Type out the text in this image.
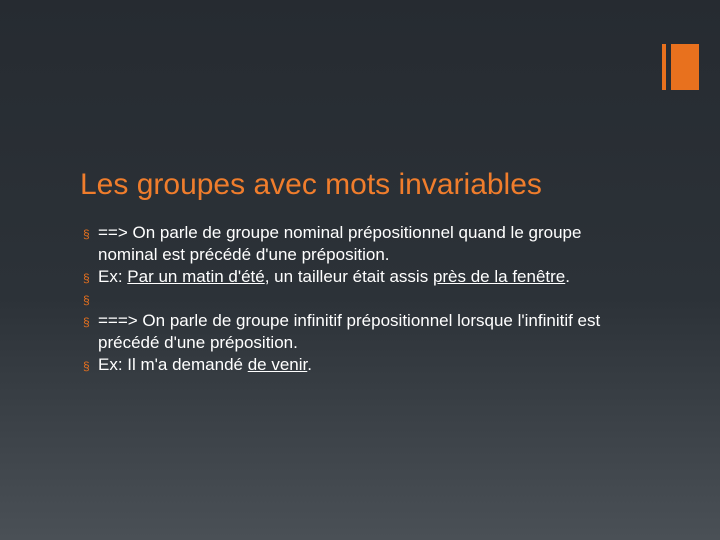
Les groupes avec mots invariables
§ ==> On parle de groupe nominal prépositionnel quand le groupe nominal est précédé d'une préposition.
§ Ex: Par un matin d'été, un tailleur était assis près de la fenêtre.
§
§ ===> On parle de groupe infinitif prépositionnel lorsque l'infinitif est précédé d'une préposition.
§ Ex: Il m'a demandé de venir.
